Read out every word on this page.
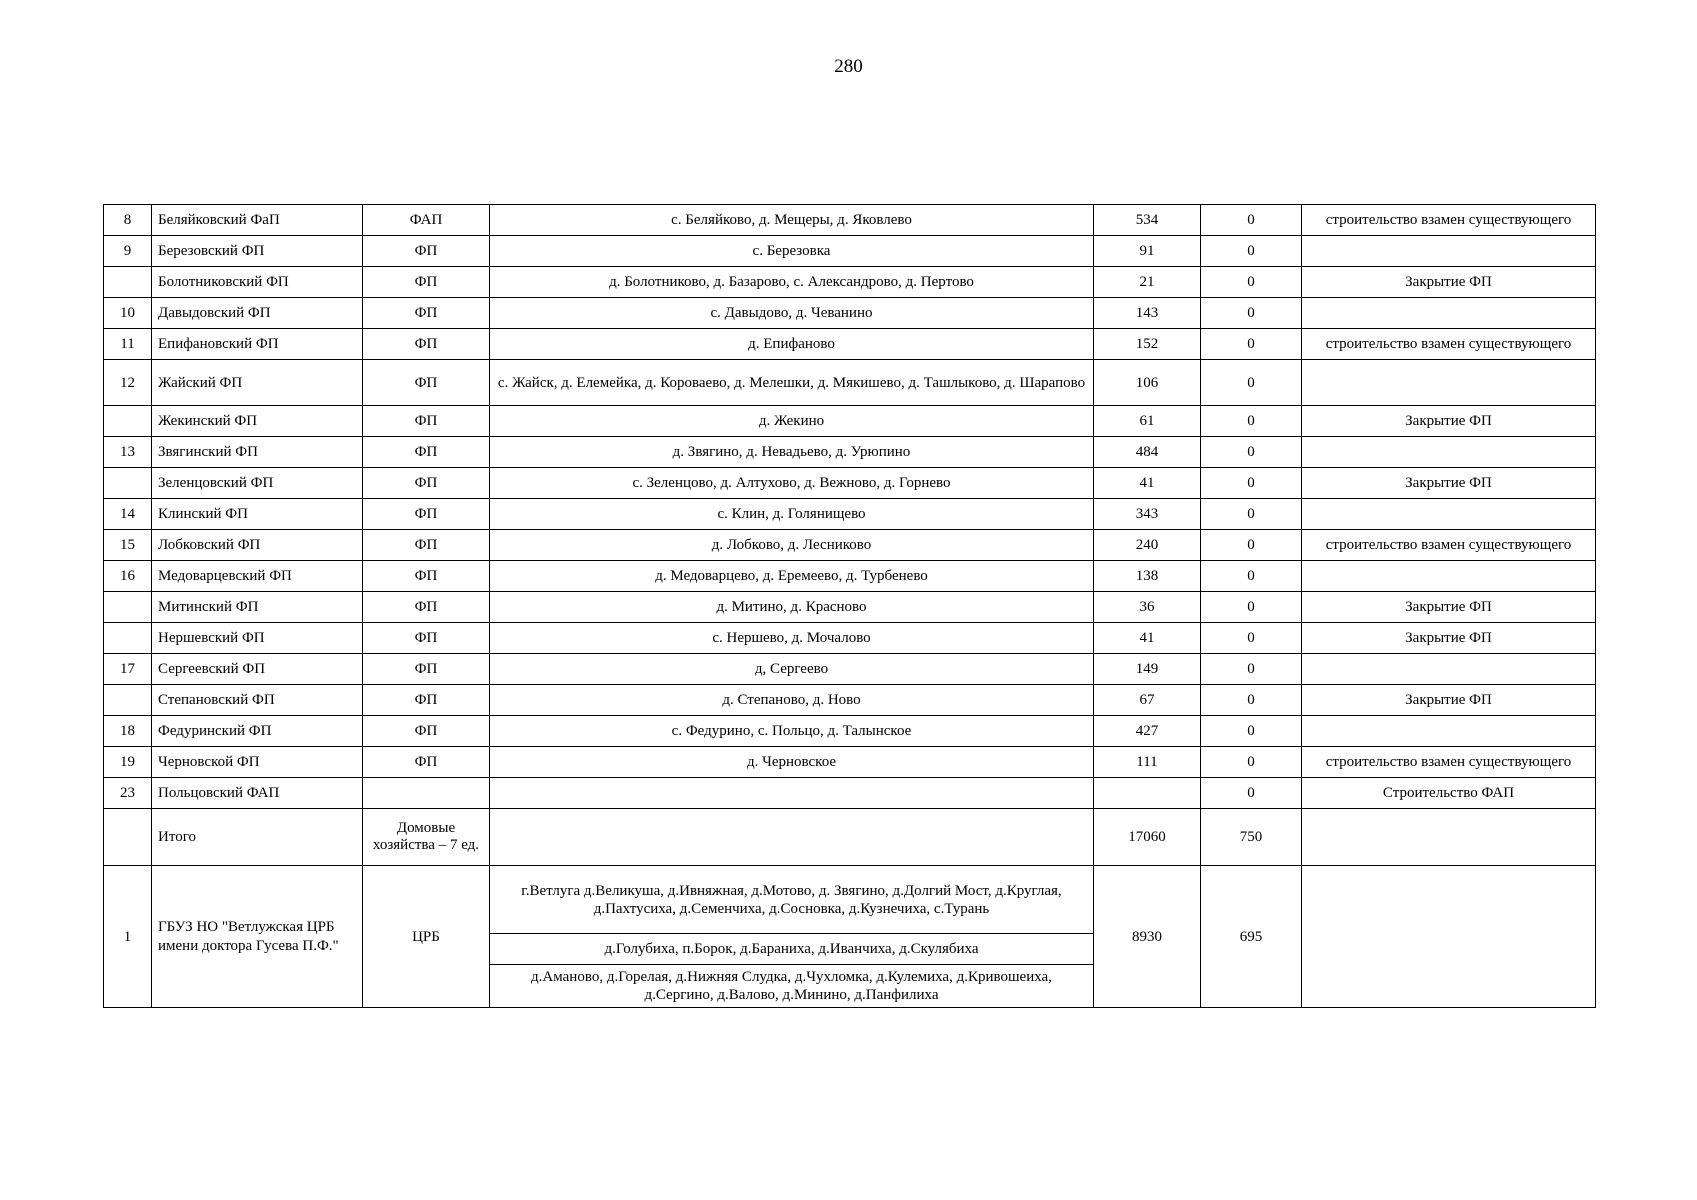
280
8	Беляйковский ФаП	ФАП	с. Беляйково, д. Мещеры, д. Яковлево	534	0	строительство взамен существующего
9	Березовский ФП	ФП	с. Березовка	91	0	
	Болотниковский ФП	ФП	д. Болотниково, д. Базарово, с. Александрово, д. Пертово	21	0	Закрытие ФП
10	Давыдовский ФП	ФП	с. Давыдово, д. Чеванино	143	0	
11	Епифановский ФП	ФП	д. Епифаново	152	0	строительство взамен существующего
12	Жайский ФП	ФП	с. Жайск, д. Елемейка, д. Короваево, д. Мелешки, д. Мякишево, д. Ташлыково, д. Шарапово	106	0	
	Жекинский ФП	ФП	д. Жекино	61	0	Закрытие ФП
13	Звягинский ФП	ФП	д. Звягино, д. Невадьево, д. Урюпино	484	0	
	Зеленцовский ФП	ФП	с. Зеленцово, д. Алтухово, д. Вежново, д. Горнево	41	0	Закрытие ФП
14	Клинский ФП	ФП	с. Клин, д. Голянищево	343	0	
15	Лобковский ФП	ФП	д. Лобково, д. Лесниково	240	0	строительство взамен существующего
16	Медоварцевский ФП	ФП	д. Медоварцево, д. Еремеево, д. Турбенево	138	0	
	Митинский ФП	ФП	д. Митино, д. Красново	36	0	Закрытие ФП
	Нершевский ФП	ФП	с. Нершево, д. Мочалово	41	0	Закрытие ФП
17	Сергеевский ФП	ФП	д, Сергеево	149	0	
	Степановский ФП	ФП	д. Степаново, д. Ново	67	0	Закрытие ФП
18	Федуринский ФП	ФП	с. Федурино, с. Польцо, д. Талынское	427	0	
19	Черновской ФП	ФП	д. Черновское	111	0	строительство взамен существующего
23	Польцовский ФАП				0	Строительство ФАП
	Итого	Домовые хозяйства – 7 ед.		17060	750	
1	ГБУЗ НО "Ветлужская ЦРБ имени доктора Гусева П.Ф."	ЦРБ	г.Ветлуга д.Великуша, д.Ивняжная, д.Мотово, д. Звягино, д.Долгий Мост, д.Круглая, д.Пахтусиха, д.Семенчиха, д.Сосновка, д.Кузнечиха, с.Турань	8930	695	
			д.Голубиха, п.Борок, д.Бараниха, д.Иванчиха, д.Скулябиха			
			д.Аманово, д.Горелая, д.Нижняя Слудка, д.Чухломка, д.Кулемиха, д.Кривошеиха, д.Сергино, д.Валово, д.Минино, д.Панфилиха			
